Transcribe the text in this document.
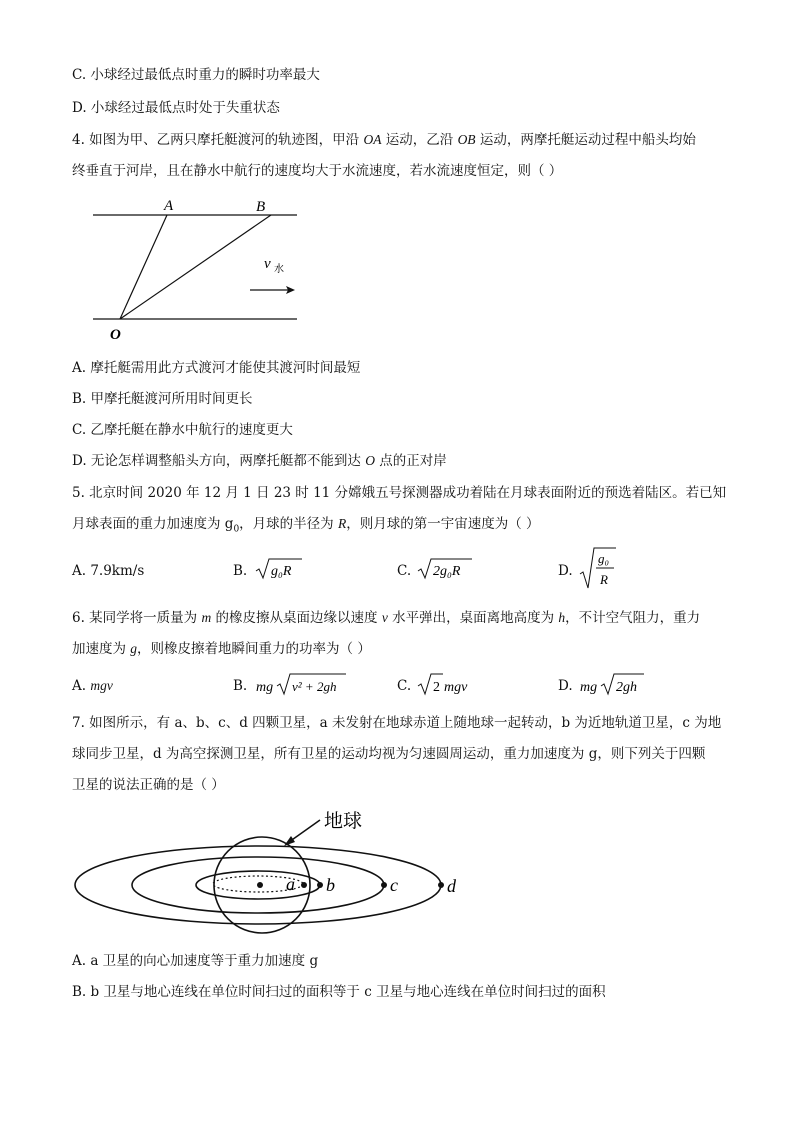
C. 小球经过最低点时重力的瞬时功率最大
D. 小球经过最低点时处于失重状态
4. 如图为甲、乙两只摩托艇渡河的轨迹图，甲沿 OA 运动，乙沿 OB 运动，两摩托艇运动过程中船头均始
终垂直于河岸，且在静水中航行的速度均大于水流速度，若水流速度恒定，则（ ）
A	B
O
v 水
A. 摩托艇需用此方式渡河才能使其渡河时间最短
B. 甲摩托艇渡河所用时间更长
C. 乙摩托艇在静水中航行的速度更大
D. 无论怎样调整船头方向，两摩托艇都不能到达 O 点的正对岸
5. 北京时间 2020 年 12 月 1 日 23 时 11 分嫦娥五号探测器成功着陆在月球表面附近的预选着陆区。若已知
月球表面的重力加速度为 $g_0$，月球的半径为 R，则月球的第一宇宙速度为（ ）
A. 7.9km/s	B. g₀R	C. 2g₀R	D.
g₀
R
6. 某同学将一质量为 m 的橡皮擦从桌面边缘以速度 v 水平弹出，桌面离地高度为 h，不计空气阻力，重力
加速度为 g，则橡皮擦着地瞬间重力的功率为（ ）
A. mgv	B. mg v² + 2gh	C. 2 mgv	D. mg 2gh
7. 如图所示，有 a、b、c、d 四颗卫星，a 未发射在地球赤道上随地球一起转动，b 为近地轨道卫星，c 为地
球同步卫星，d 为高空探测卫星，所有卫星的运动均视为匀速圆周运动，重力加速度为 g，则下列关于四颗
卫星的说法正确的是（ ）
a b	c	d
地球
A. a 卫星的向心加速度等于重力加速度 g
B. b 卫星与地心连线在单位时间扫过的面积等于 c 卫星与地心连线在单位时间扫过的面积
